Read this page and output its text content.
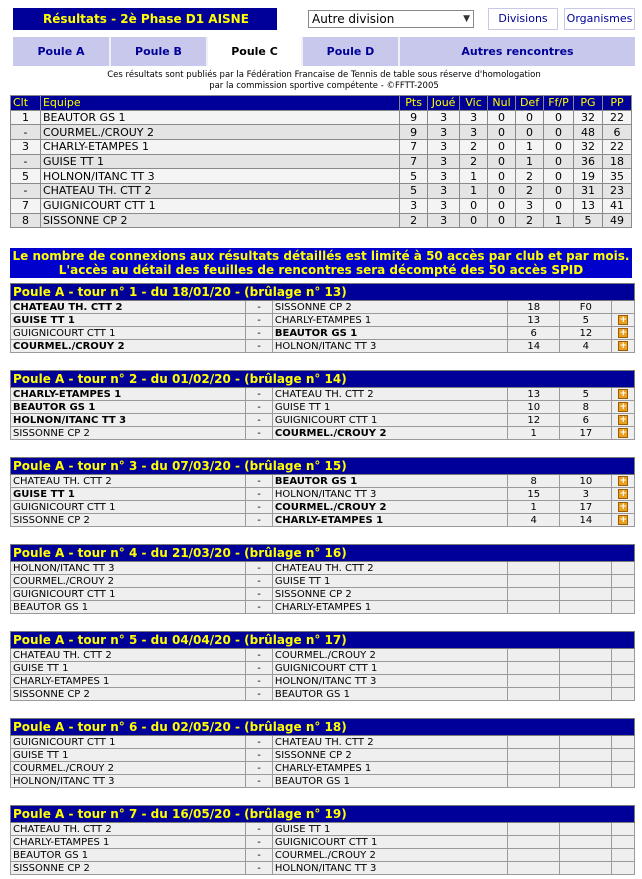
Résultats - 2è Phase D1 AISNE	Autre division	▼	Divisions	Organismes
Poule A	Poule B	Poule C	Poule D	Autres rencontres
Ces résultats sont publiés par la Fédération Francaise de Tennis de table sous réserve d'homologation
par la commission sportive compétente - ©FFTT-2005
Clt	Equipe	Pts	Joué	Vic	Nul	Def	Ff/P	PG	PP
1	BEAUTOR GS 1	9	3	3	0	0	0	32	22
-	COURMEL./CROUY 2	9	3	3	0	0	0	48	6
3	CHARLY-ETAMPES 1	7	3	2	0	1	0	32	22
-	GUISE TT 1	7	3	2	0	1	0	36	18
5	HOLNON/ITANC TT 3	5	3	1	0	2	0	19	35
-	CHATEAU TH. CTT 2	5	3	1	0	2	0	31	23
7	GUIGNICOURT CTT 1	3	3	0	0	3	0	13	41
8	SISSONNE CP 2	2	3	0	0	2	1	5	49
Le nombre de connexions aux résultats détaillés est limité à 50 accès par club et par mois.
L'accès au détail des feuilles de rencontres sera décompté des 50 accès SPID
Poule A - tour n° 1 - du 18/01/20 - (brûlage n° 13)					
CHATEAU TH. CTT 2	-	SISSONNE CP 2	18	F0	
GUISE TT 1	-	CHARLY-ETAMPES 1	13	5	+
GUIGNICOURT CTT 1	-	BEAUTOR GS 1	6	12	+
COURMEL./CROUY 2	-	HOLNON/ITANC TT 3	14	4	+
Poule A - tour n° 2 - du 01/02/20 - (brûlage n° 14)					
CHARLY-ETAMPES 1	-	CHATEAU TH. CTT 2	13	5	+
BEAUTOR GS 1	-	GUISE TT 1	10	8	+
HOLNON/ITANC TT 3	-	GUIGNICOURT CTT 1	12	6	+
SISSONNE CP 2	-	COURMEL./CROUY 2	1	17	+
Poule A - tour n° 3 - du 07/03/20 - (brûlage n° 15)					
CHATEAU TH. CTT 2	-	BEAUTOR GS 1	8	10	+
GUISE TT 1	-	HOLNON/ITANC TT 3	15	3	+
GUIGNICOURT CTT 1	-	COURMEL./CROUY 2	1	17	+
SISSONNE CP 2	-	CHARLY-ETAMPES 1	4	14	+
Poule A - tour n° 4 - du 21/03/20 - (brûlage n° 16)					
HOLNON/ITANC TT 3	-	CHATEAU TH. CTT 2			
COURMEL./CROUY 2	-	GUISE TT 1			
GUIGNICOURT CTT 1	-	SISSONNE CP 2			
BEAUTOR GS 1	-	CHARLY-ETAMPES 1			
Poule A - tour n° 5 - du 04/04/20 - (brûlage n° 17)					
CHATEAU TH. CTT 2	-	COURMEL./CROUY 2			
GUISE TT 1	-	GUIGNICOURT CTT 1			
CHARLY-ETAMPES 1	-	HOLNON/ITANC TT 3			
SISSONNE CP 2	-	BEAUTOR GS 1			
Poule A - tour n° 6 - du 02/05/20 - (brûlage n° 18)					
GUIGNICOURT CTT 1	-	CHATEAU TH. CTT 2			
GUISE TT 1	-	SISSONNE CP 2			
COURMEL./CROUY 2	-	CHARLY-ETAMPES 1			
HOLNON/ITANC TT 3	-	BEAUTOR GS 1			
Poule A - tour n° 7 - du 16/05/20 - (brûlage n° 19)					
CHATEAU TH. CTT 2	-	GUISE TT 1			
CHARLY-ETAMPES 1	-	GUIGNICOURT CTT 1			
BEAUTOR GS 1	-	COURMEL./CROUY 2			
SISSONNE CP 2	-	HOLNON/ITANC TT 3			
